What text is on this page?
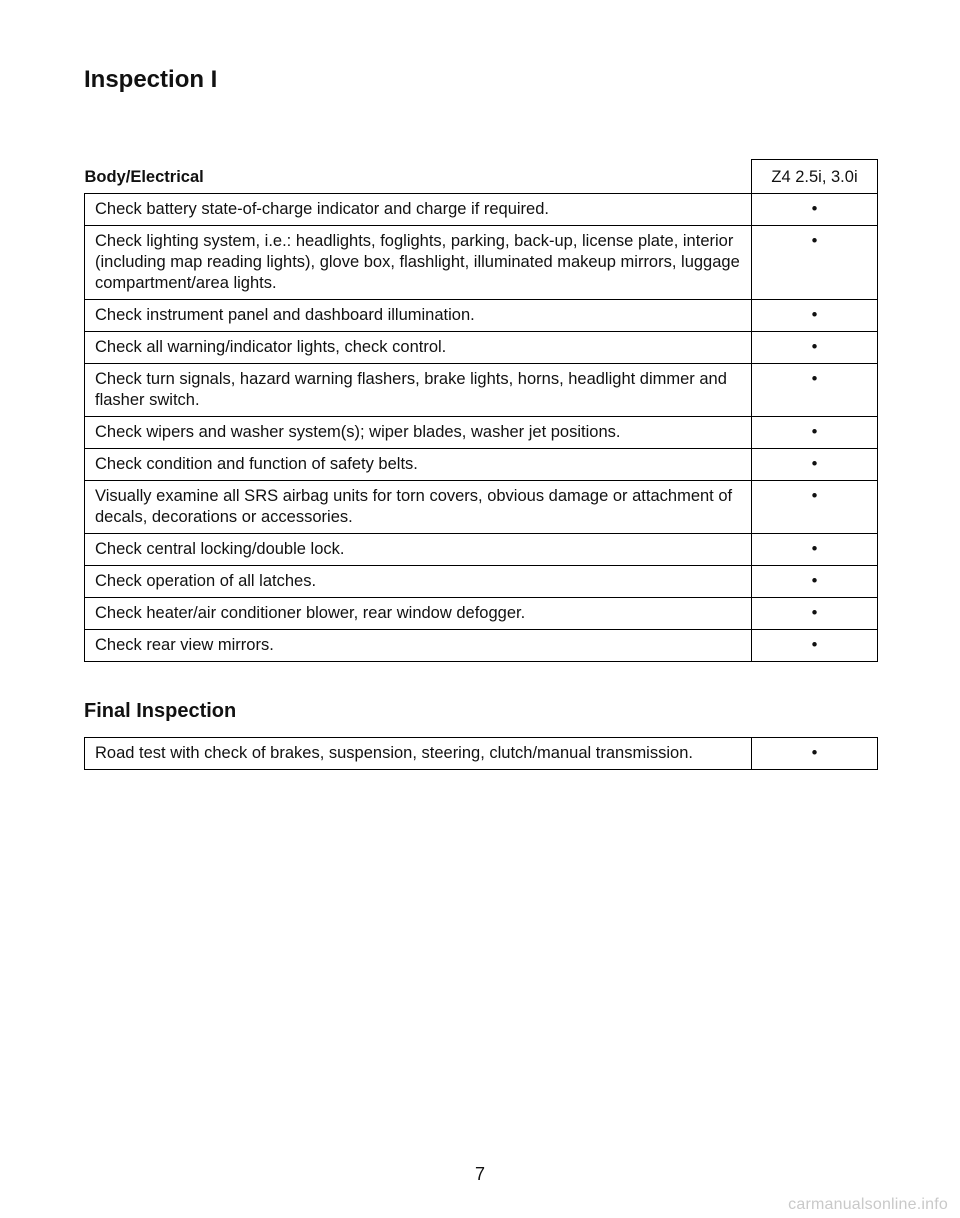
Inspection I
Body/Electrical	Z4 2.5i, 3.0i
Check battery state-of-charge indicator and charge if required.	•
Check lighting system, i.e.: headlights, foglights, parking, back-up, license plate, interior (including map reading lights), glove box, flashlight, illuminated makeup mirrors, luggage compartment/area lights.	•
Check instrument panel and dashboard illumination.	•
Check all warning/indicator lights, check control.	•
Check turn signals, hazard warning flashers, brake lights, horns, headlight dimmer and flasher switch.	•
Check wipers and washer system(s); wiper blades, washer jet positions.	•
Check condition and function of safety belts.	•
Visually examine all SRS airbag units for torn covers, obvious damage or attachment of decals, decorations or accessories.	•
Check central locking/double lock.	•
Check operation of all latches.	•
Check heater/air conditioner blower, rear window defogger.	•
Check rear view mirrors.	•
Final Inspection
Road test with check of brakes, suspension, steering, clutch/manual transmission.	•
7
carmanualsonline.info
